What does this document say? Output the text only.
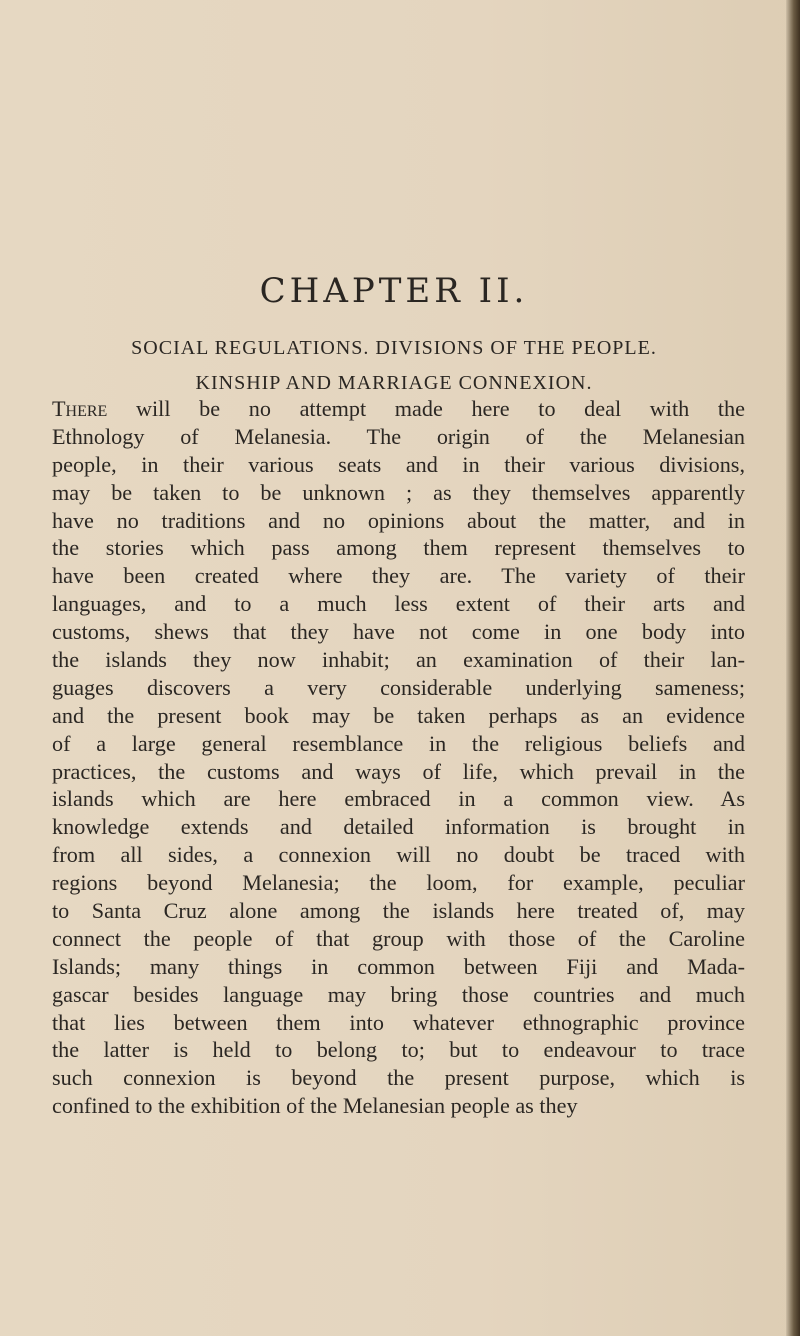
CHAPTER II.
SOCIAL REGULATIONS. DIVISIONS OF THE PEOPLE.
KINSHIP AND MARRIAGE CONNEXION.
There will be no attempt made here to deal with the
Ethnology of Melanesia. The origin of the Melanesian
people, in their various seats and in their various divisions,
may be taken to be unknown ; as they themselves apparently
have no traditions and no opinions about the matter, and in
the stories which pass among them represent themselves to
have been created where they are. The variety of their
languages, and to a much less extent of their arts and
customs, shews that they have not come in one body into
the islands they now inhabit; an examination of their lan-
guages discovers a very considerable underlying sameness;
and the present book may be taken perhaps as an evidence
of a large general resemblance in the religious beliefs and
practices, the customs and ways of life, which prevail in the
islands which are here embraced in a common view. As
knowledge extends and detailed information is brought in
from all sides, a connexion will no doubt be traced with
regions beyond Melanesia; the loom, for example, peculiar
to Santa Cruz alone among the islands here treated of, may
connect the people of that group with those of the Caroline
Islands; many things in common between Fiji and Mada-
gascar besides language may bring those countries and much
that lies between them into whatever ethnographic province
the latter is held to belong to; but to endeavour to trace
such connexion is beyond the present purpose, which is
confined to the exhibition of the Melanesian people as they
